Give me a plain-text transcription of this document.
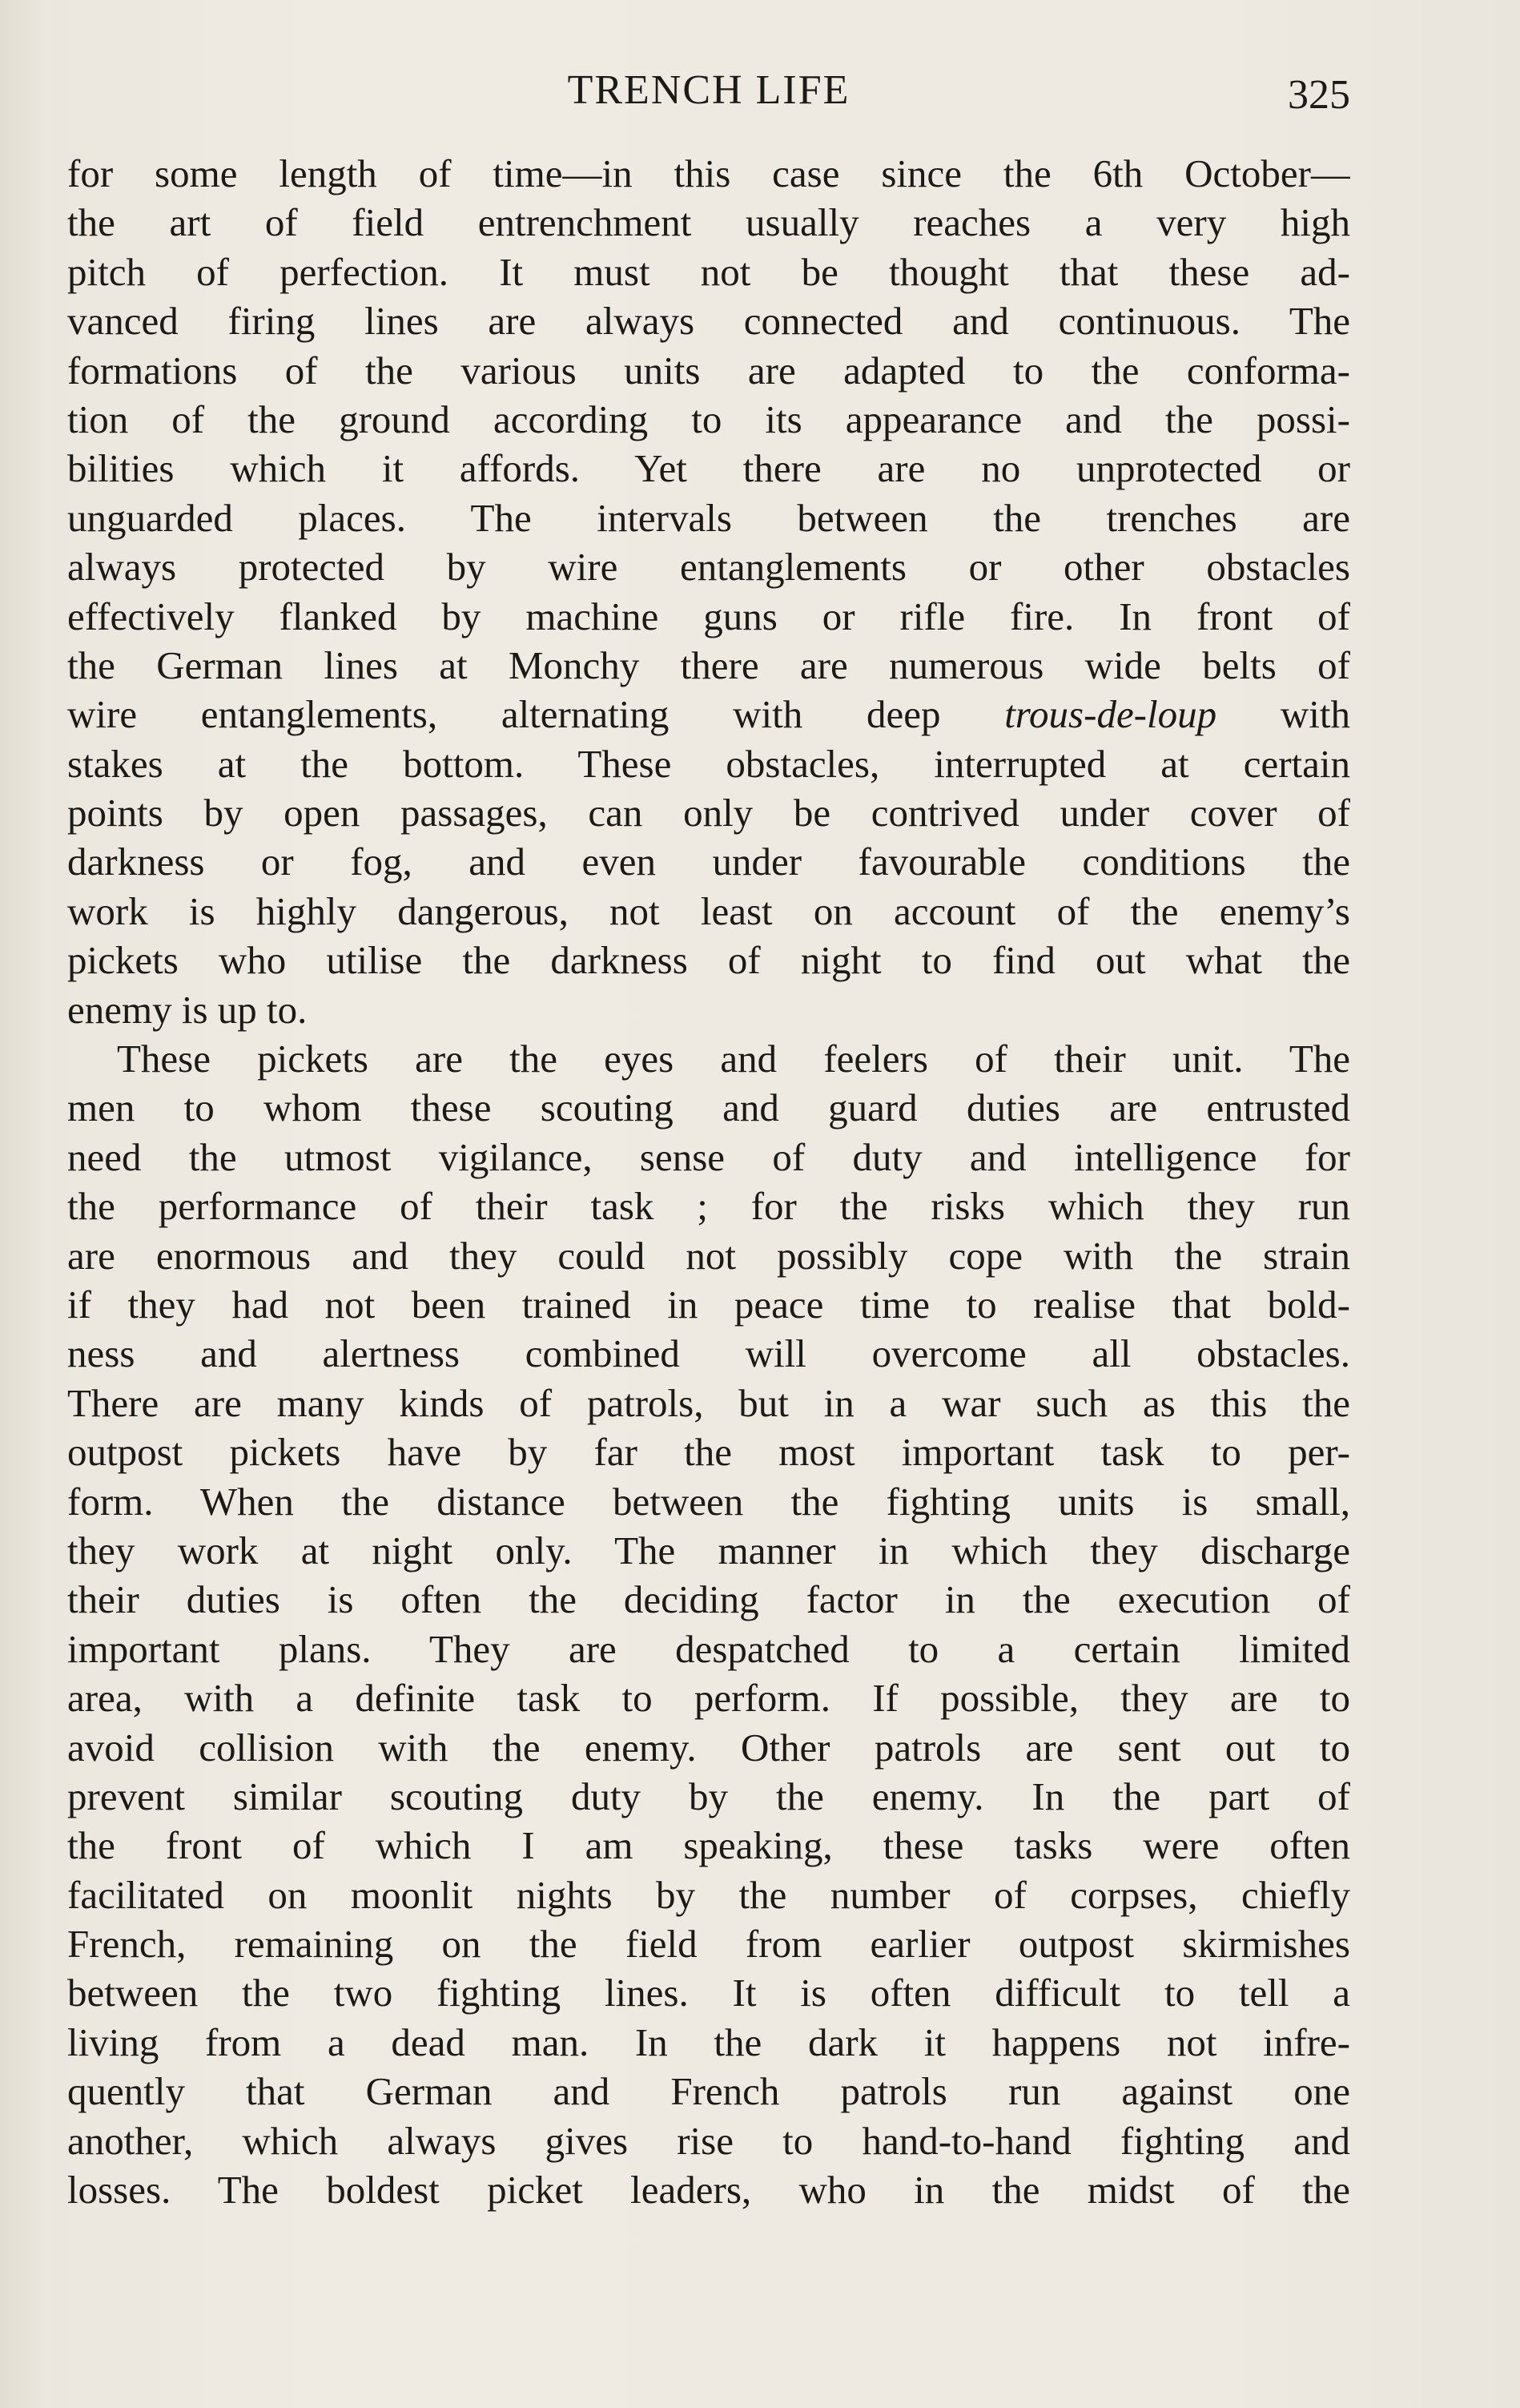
TRENCH LIFE	325
for some length of time—in this case since the 6th October—
the art of field entrenchment usually reaches a very high
pitch of perfection. It must not be thought that these ad-
vanced firing lines are always connected and continuous. The
formations of the various units are adapted to the conforma-
tion of the ground according to its appearance and the possi-
bilities which it affords. Yet there are no unprotected or
unguarded places. The intervals between the trenches are
always protected by wire entanglements or other obstacles
effectively flanked by machine guns or rifle fire. In front of
the German lines at Monchy there are numerous wide belts of
wire entanglements, alternating with deep trous-de-loup with
stakes at the bottom. These obstacles, interrupted at certain
points by open passages, can only be contrived under cover of
darkness or fog, and even under favourable conditions the
work is highly dangerous, not least on account of the enemy’s
pickets who utilise the darkness of night to find out what the
enemy is up to.
These pickets are the eyes and feelers of their unit. The
men to whom these scouting and guard duties are entrusted
need the utmost vigilance, sense of duty and intelligence for
the performance of their task ; for the risks which they run
are enormous and they could not possibly cope with the strain
if they had not been trained in peace time to realise that bold-
ness and alertness combined will overcome all obstacles.
There are many kinds of patrols, but in a war such as this the
outpost pickets have by far the most important task to per-
form. When the distance between the fighting units is small,
they work at night only. The manner in which they discharge
their duties is often the deciding factor in the execution of
important plans. They are despatched to a certain limited
area, with a definite task to perform. If possible, they are to
avoid collision with the enemy. Other patrols are sent out to
prevent similar scouting duty by the enemy. In the part of
the front of which I am speaking, these tasks were often
facilitated on moonlit nights by the number of corpses, chiefly
French, remaining on the field from earlier outpost skirmishes
between the two fighting lines. It is often difficult to tell a
living from a dead man. In the dark it happens not infre-
quently that German and French patrols run against one
another, which always gives rise to hand-to-hand fighting and
losses. The boldest picket leaders, who in the midst of the
